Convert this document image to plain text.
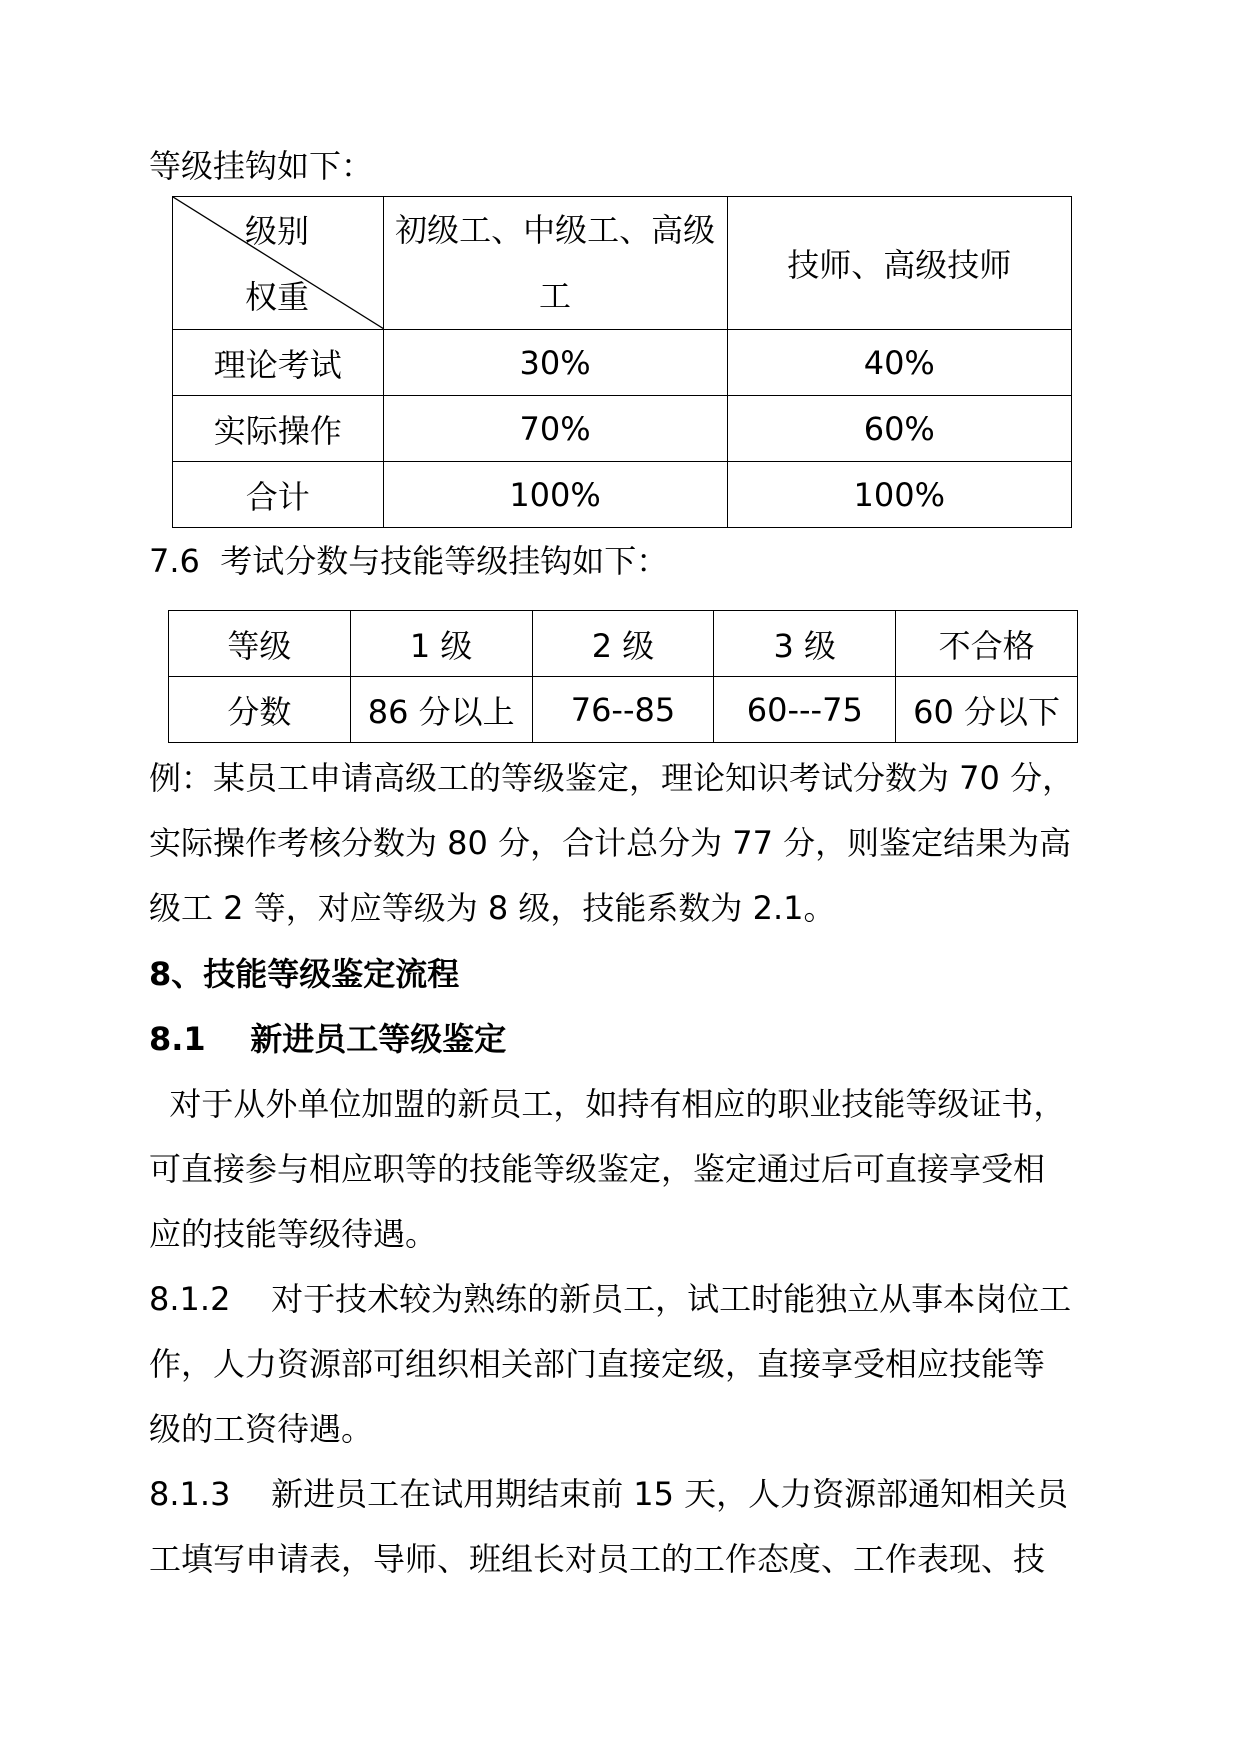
等级挂钩如下：
级别
权重	初级工、中级工、高级工	技师、高级技师
理论考试	30%	40%
实际操作	70%	60%
合计	100%	100%
7.6  考试分数与技能等级挂钩如下：
等级	1 级	2 级	3 级	不合格
分数	86 分以上	76--85	60---75	60 分以下
例：某员工申请高级工的等级鉴定，理论知识考试分数为 70 分，
实际操作考核分数为 80 分，合计总分为 77 分，则鉴定结果为高
级工 2 等，对应等级为 8 级，技能系数为 2.1。
8、技能等级鉴定流程
8.1    新进员工等级鉴定
对于从外单位加盟的新员工，如持有相应的职业技能等级证书，
可直接参与相应职等的技能等级鉴定，鉴定通过后可直接享受相
应的技能等级待遇。
8.1.2    对于技术较为熟练的新员工，试工时能独立从事本岗位工
作，人力资源部可组织相关部门直接定级，直接享受相应技能等
级的工资待遇。
8.1.3    新进员工在试用期结束前 15 天，人力资源部通知相关员
工填写申请表，导师、班组长对员工的工作态度、工作表现、技
